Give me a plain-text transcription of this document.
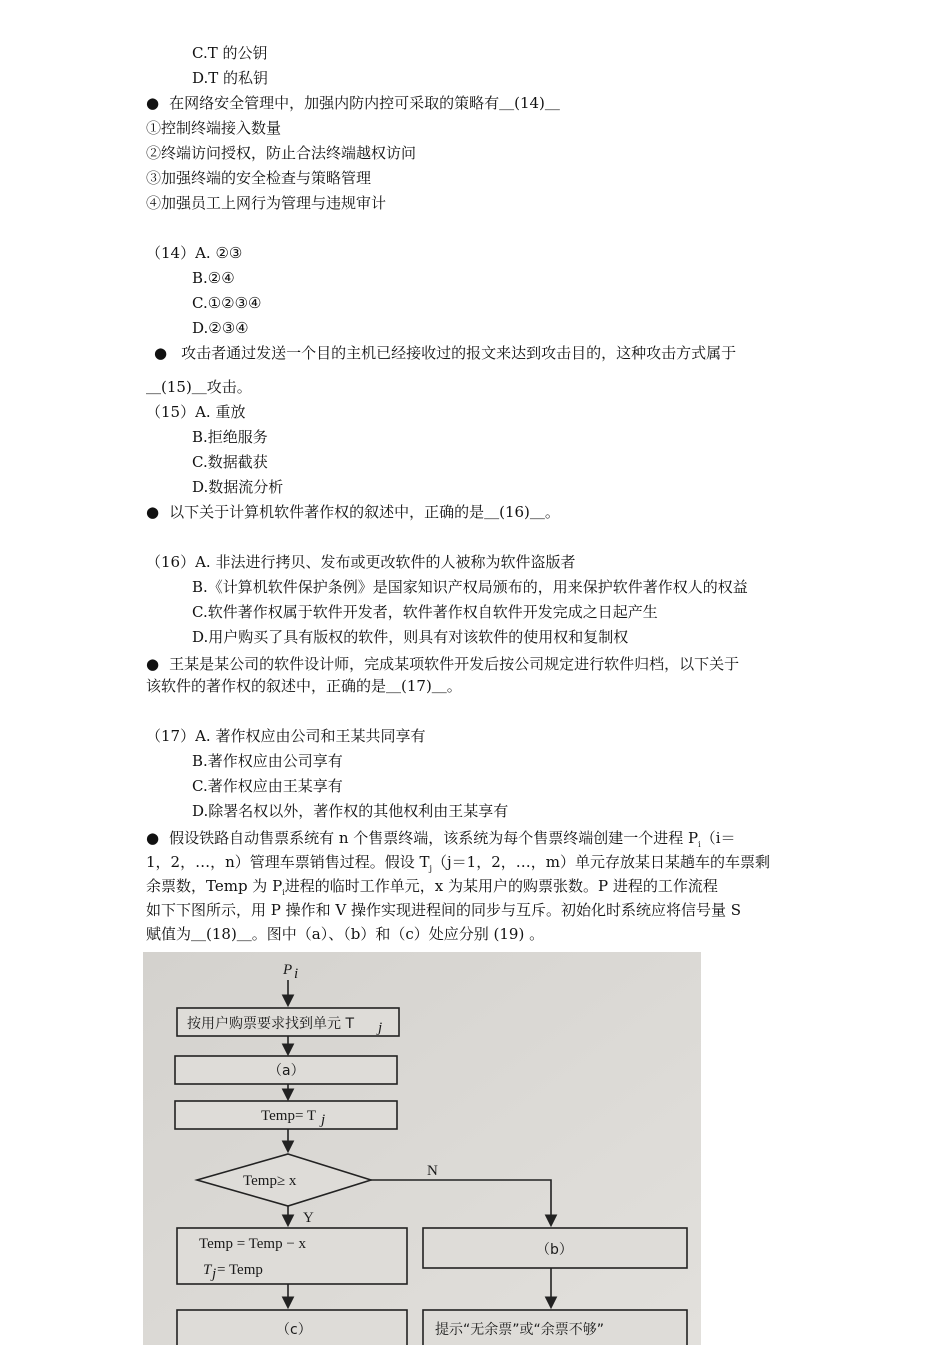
C.T 的公钥
D.T 的私钥
● 在网络安全管理中，加强内防内控可采取的策略有＿(14)＿
①控制终端接入数量
②终端访问授权，防止合法终端越权访问
③加强终端的安全检查与策略管理
④加强员工上网行为管理与违规审计
（14）A. ②③
B.②④
C.①②③④
D.②③④
● 攻击者通过发送一个目的主机已经接收过的报文来达到攻击目的，这种攻击方式属于
＿(15)＿攻击。
（15）A. 重放
B.拒绝服务
C.数据截获
D.数据流分析
● 以下关于计算机软件著作权的叙述中，正确的是＿(16)＿。
（16）A. 非法进行拷贝、发布或更改软件的人被称为软件盗版者
B.《计算机软件保护条例》是国家知识产权局颁布的，用来保护软件著作权人的权益
C.软件著作权属于软件开发者，软件著作权自软件开发完成之日起产生
D.用户购买了具有版权的软件，则具有对该软件的使用权和复制权
● 王某是某公司的软件设计师，完成某项软件开发后按公司规定进行软件归档，以下关于
该软件的著作权的叙述中，正确的是＿(17)＿。
（17）A. 著作权应由公司和王某共同享有
B.著作权应由公司享有
C.著作权应由王某享有
D.除署名权以外，著作权的其他权利由王某享有
● 假设铁路自动售票系统有 n 个售票终端，该系统为每个售票终端创建一个进程 $P_i(i=$
1，2，…，n）管理车票销售过程。假设 $T_j(j=1$，2，…，m）单元存放某日某趟车的车票剩
余票数，Temp 为 $P_i$进程的临时工作单元，x 为某用户的购票张数。P 进程的工作流程
如下下图所示，用 P 操作和 V 操作实现进程间的同步与互斥。初始化时系统应将信号量 S
赋值为＿(18)＿。图中（a）、（b）和（c）处应分别 (19) 。
P i
按用户购票要求找到单元 T j
（a）
Temp= T j
Temp≥ x
N
Y
Temp = Temp − x
T j = Temp
（b）
（c）	提示“无余票”或“余票不够”
